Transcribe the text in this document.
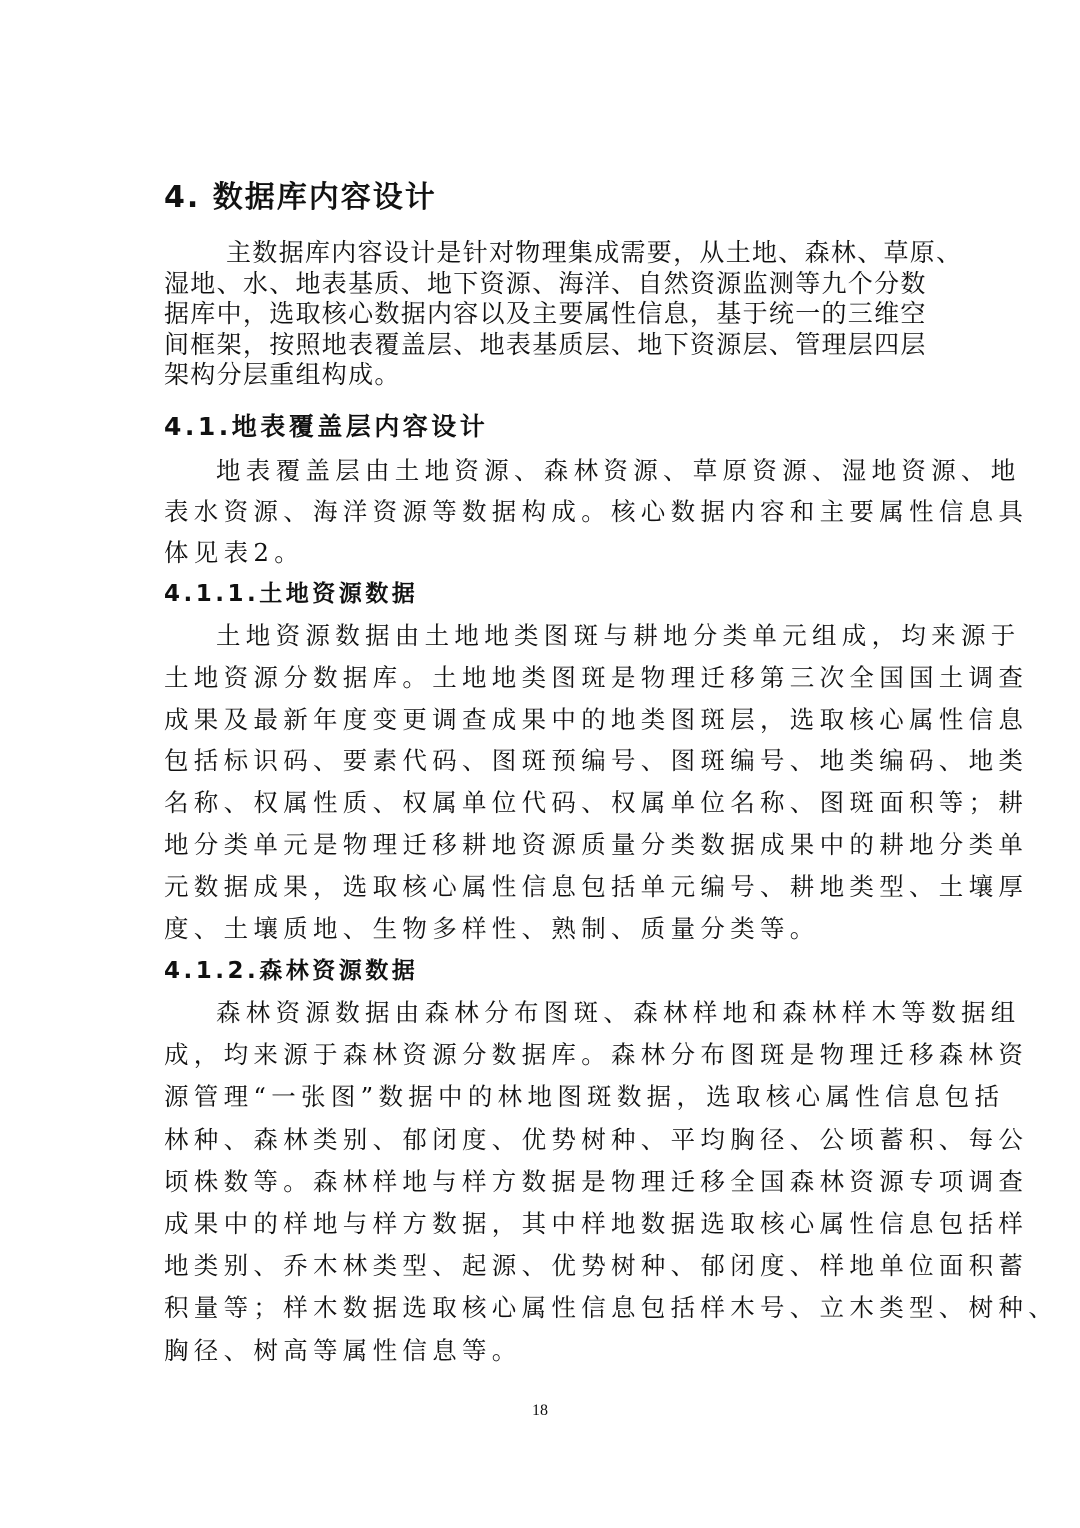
4. 数据库内容设计

主数据库内容设计是针对物理集成需要，从土地、森林、草原、
湿地、水、地表基质、地下资源、海洋、自然资源监测等九个分数
据库中，选取核心数据内容以及主要属性信息，基于统一的三维空
间框架，按照地表覆盖层、地表基质层、地下资源层、管理层四层
架构分层重组构成。

4.1.地表覆盖层内容设计

地表覆盖层由土地资源、森林资源、草原资源、湿地资源、地
表水资源、海洋资源等数据构成。核心数据内容和主要属性信息具
体见表2。

4.1.1.土地资源数据

土地资源数据由土地地类图斑与耕地分类单元组成，均来源于
土地资源分数据库。土地地类图斑是物理迁移第三次全国国土调查
成果及最新年度变更调查成果中的地类图斑层，选取核心属性信息
包括标识码、要素代码、图斑预编号、图斑编号、地类编码、地类
名称、权属性质、权属单位代码、权属单位名称、图斑面积等；耕
地分类单元是物理迁移耕地资源质量分类数据成果中的耕地分类单
元数据成果，选取核心属性信息包括单元编号、耕地类型、土壤厚
度、土壤质地、生物多样性、熟制、质量分类等。

4.1.2.森林资源数据

森林资源数据由森林分布图斑、森林样地和森林样木等数据组
成，均来源于森林资源分数据库。森林分布图斑是物理迁移森林资
源管理“一张图”数据中的林地图斑数据，选取核心属性信息包括
林种、森林类别、郁闭度、优势树种、平均胸径、公顷蓄积、每公
顷株数等。森林样地与样方数据是物理迁移全国森林资源专项调查
成果中的样地与样方数据，其中样地数据选取核心属性信息包括样
地类别、乔木林类型、起源、优势树种、郁闭度、样地单位面积蓄
积量等；样木数据选取核心属性信息包括样木号、立木类型、树种、
胸径、树高等属性信息等。

18
